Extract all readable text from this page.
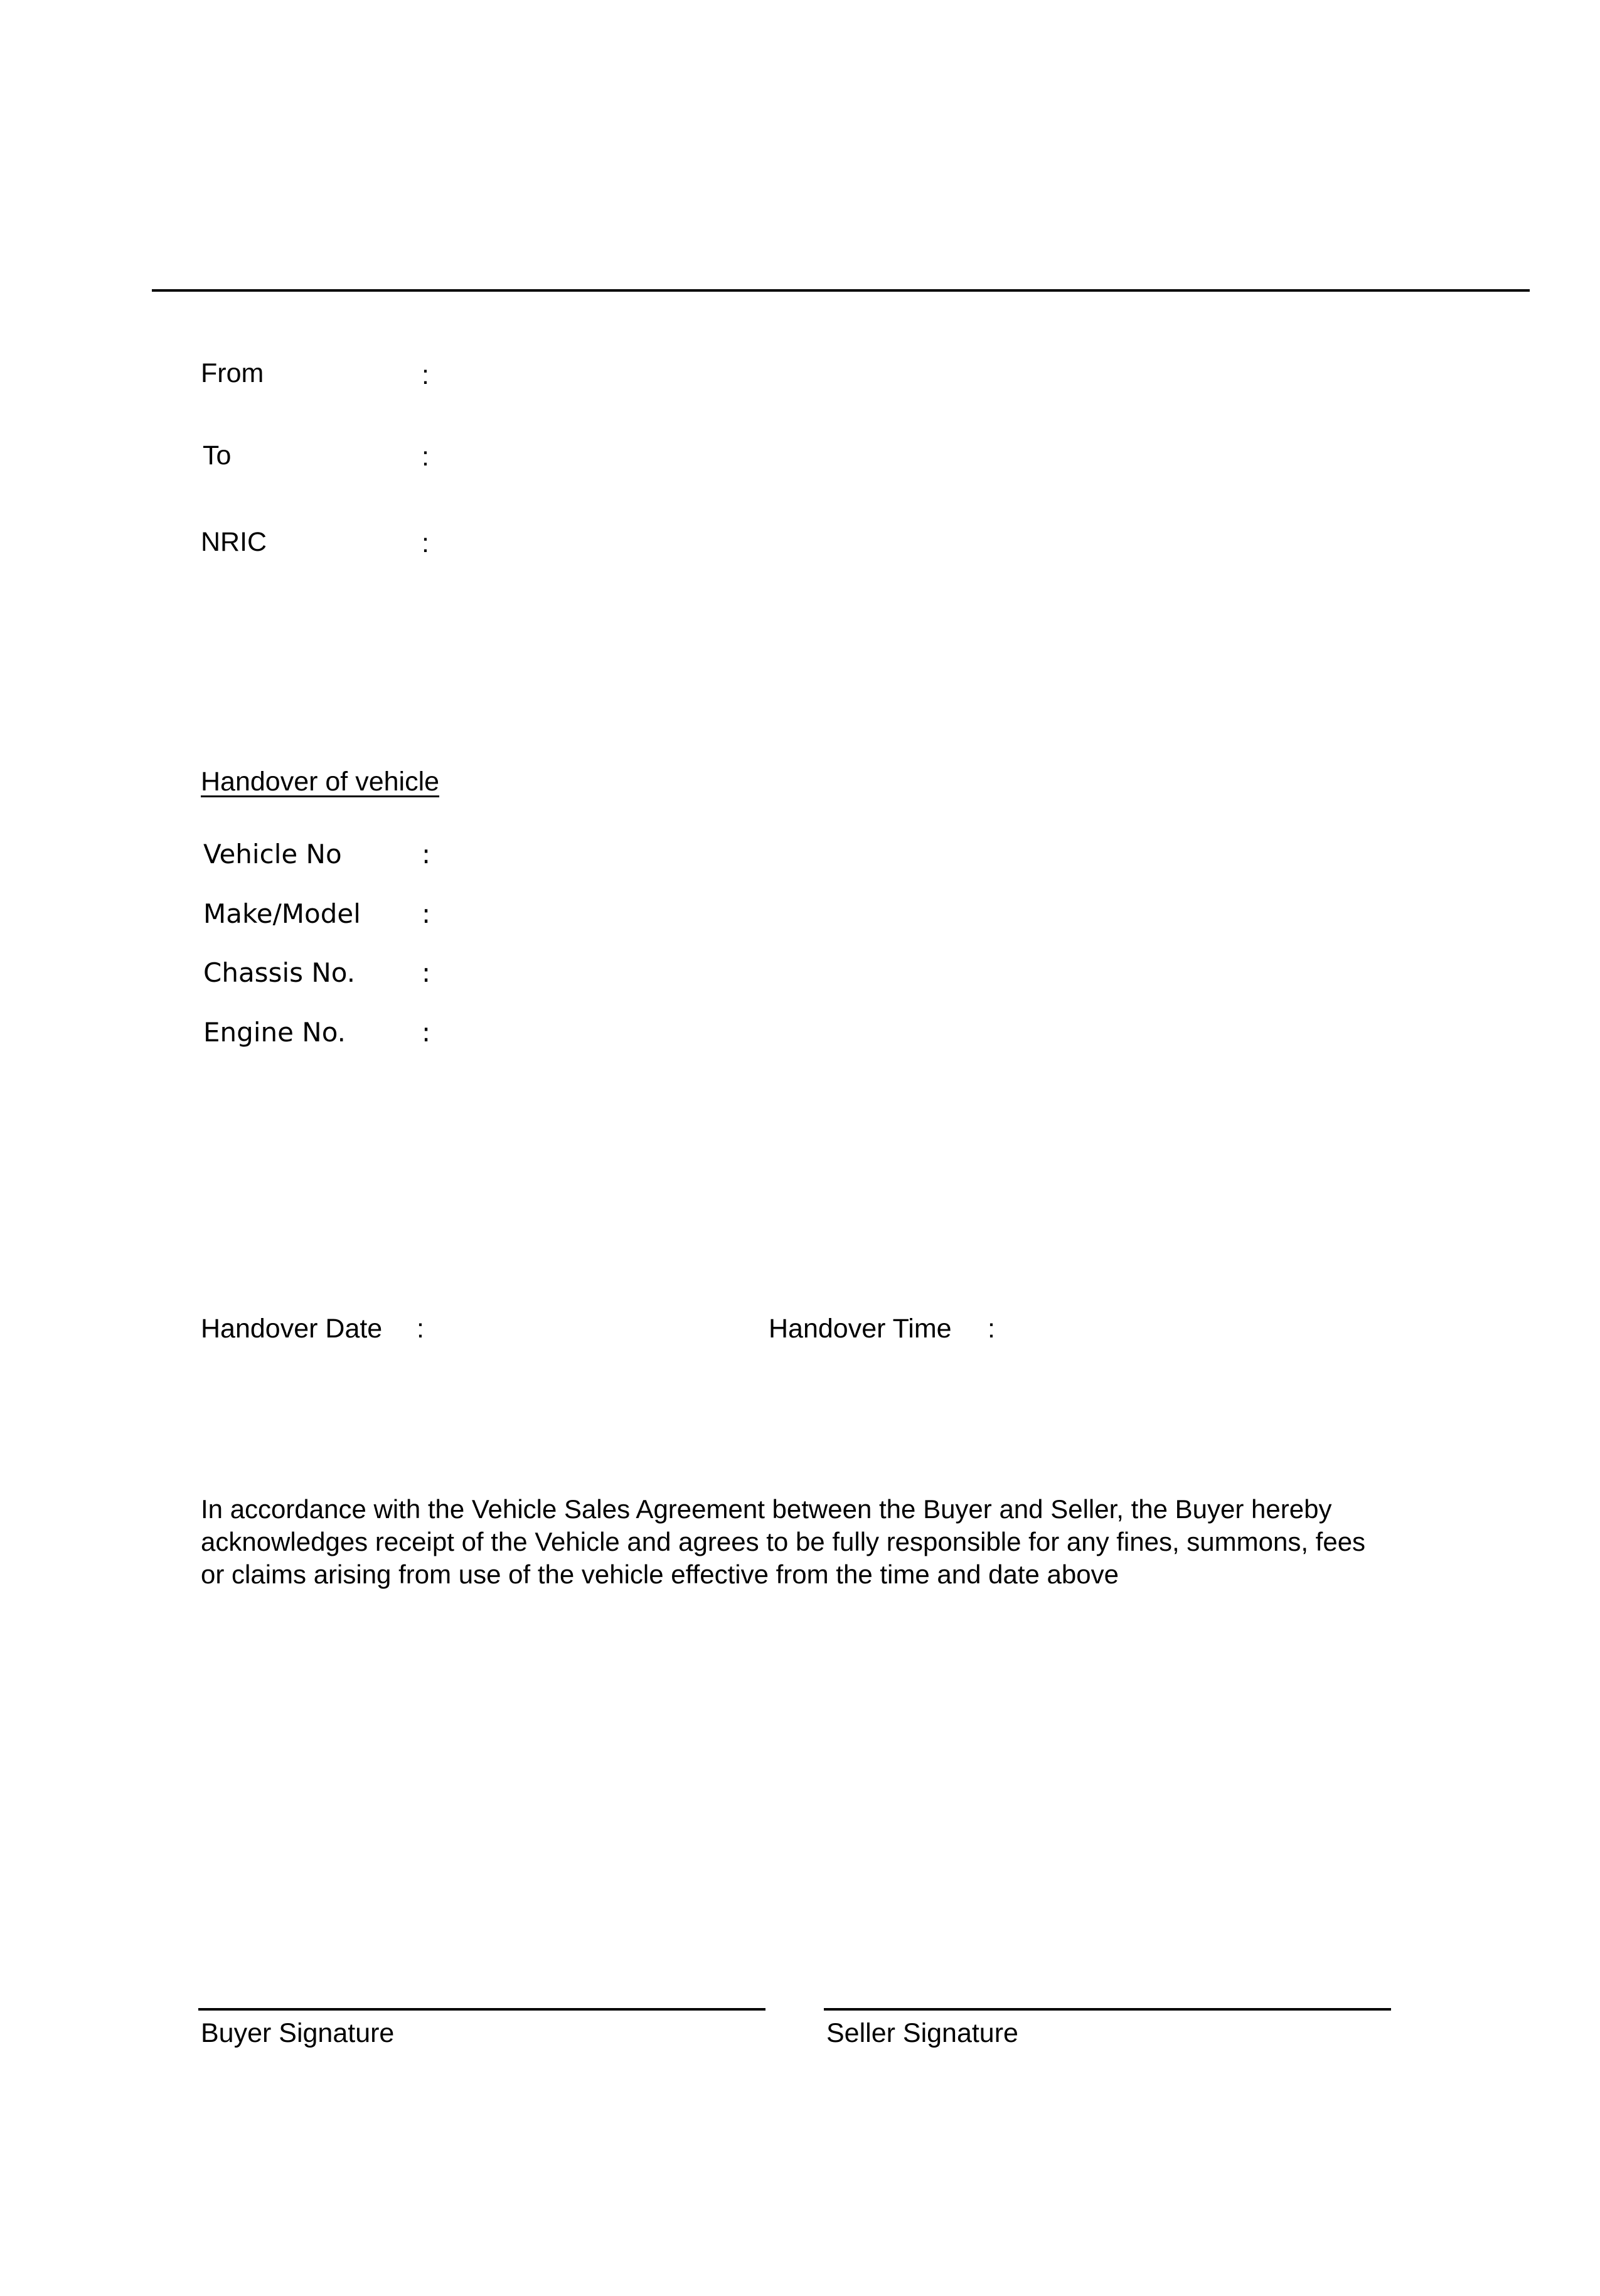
From	:
To	:
NRIC	:
Handover of vehicle
Vehicle No	:
Make/Model :
Chassis No.	:
Engine No.	:
Handover Date :	Handover Time :
In accordance with the Vehicle Sales Agreement between the Buyer and Seller, the Buyer hereby
acknowledges receipt of the Vehicle and agrees to be fully responsible for any fines, summons, fees
or claims arising from use of the vehicle effective from the time and date above
Buyer Signature	Seller Signature
